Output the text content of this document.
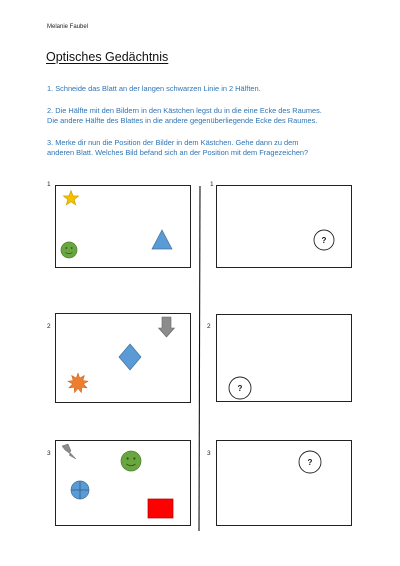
Melanie Faubel
Optisches Gedächtnis
1. Schneide das Blatt an der langen schwarzen Linie in 2 Hälften.
2. Die Hälfte mit den Bildern in den Kästchen legst du in die eine Ecke des Raumes.
Die andere Hälfte des Blattes in die andere gegenüberliegende Ecke des Raumes.
3. Merke dir nun die Position der Bilder in dem Kästchen. Gehe dann zu dem
anderen Blatt. Welches Bild befand sich an der Position mit dem Fragezeichen?
1	1
?
2	2
?
3	3
?
